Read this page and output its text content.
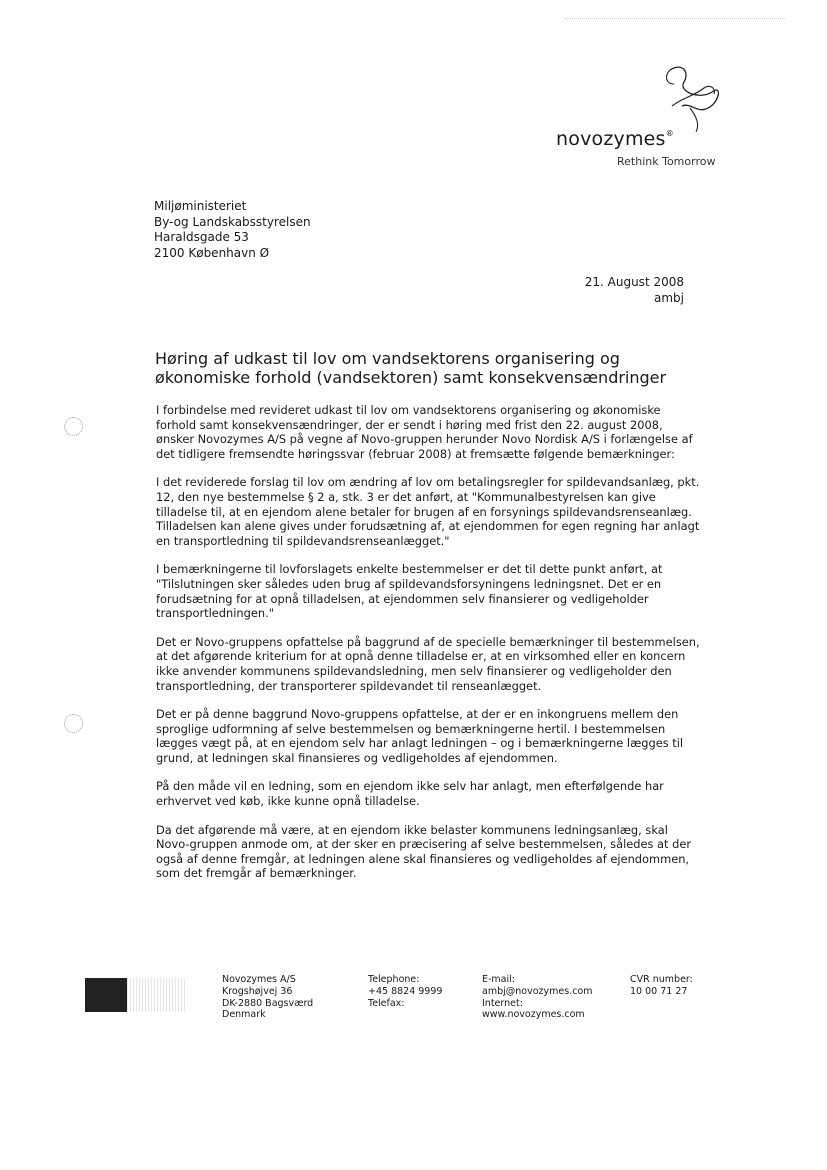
novozymes®
Rethink Tomorrow
Miljøministeriet
By-og Landskabsstyrelsen
Haraldsgade 53
2100 København Ø
21. August 2008
ambj
Høring af udkast til lov om vandsektorens organisering og økonomiske forhold (vandsektoren) samt konsekvensændringer

I forbindelse med revideret udkast til lov om vandsektorens organisering og økonomiske forhold samt konsekvensændringer, der er sendt i høring med frist den 22. august 2008, ønsker Novozymes A/S på vegne af Novo-gruppen herunder Novo Nordisk A/S i forlængelse af det tidligere fremsendte høringssvar (februar 2008) at fremsætte følgende bemærkninger:

I det reviderede forslag til lov om ændring af lov om betalingsregler for spildevandsanlæg, pkt. 12, den nye bestemmelse § 2 a, stk. 3 er det anført, at "Kommunalbestyrelsen kan give tilladelse til, at en ejendom alene betaler for brugen af en forsynings spildevandsrenseanlæg. Tilladelsen kan alene gives under forudsætning af, at ejendommen for egen regning har anlagt en transportledning til spildevandsrenseanlægget."

I bemærkningerne til lovforslagets enkelte bestemmelser er det til dette punkt anført, at "Tilslutningen sker således uden brug af spildevandsforsyningens ledningsnet. Det er en forudsætning for at opnå tilladelsen, at ejendommen selv finansierer og vedligeholder transportledningen."

Det er Novo-gruppens opfattelse på baggrund af de specielle bemærkninger til bestemmelsen, at det afgørende kriterium for at opnå denne tilladelse er, at en virksomhed eller en koncern ikke anvender kommunens spildevandsledning, men selv finansierer og vedligeholder den transportledning, der transporterer spildevandet til renseanlægget.

Det er på denne baggrund Novo-gruppens opfattelse, at der er en inkongruens mellem den sproglige udformning af selve bestemmelsen og bemærkningerne hertil. I bestemmelsen lægges vægt på, at en ejendom selv har anlagt ledningen – og i bemærkningerne lægges til grund, at ledningen skal finansieres og vedligeholdes af ejendommen.

På den måde vil en ledning, som en ejendom ikke selv har anlagt, men efterfølgende har erhvervet ved køb, ikke kunne opnå tilladelse.

Da det afgørende må være, at en ejendom ikke belaster kommunens ledningsanlæg, skal Novo-gruppen anmode om, at der sker en præcisering af selve bestemmelsen, således at der også af denne fremgår, at ledningen alene skal finansieres og vedligeholdes af ejendommen, som det fremgår af bemærkninger.

Novozymes A/S
Krogshøjvej 36
DK-2880 Bagsværd
Denmark
Telephone:
+45 8824 9999
Telefax:
E-mail:
ambj@novozymes.com
Internet:
www.novozymes.com
CVR number:
10 00 71 27
